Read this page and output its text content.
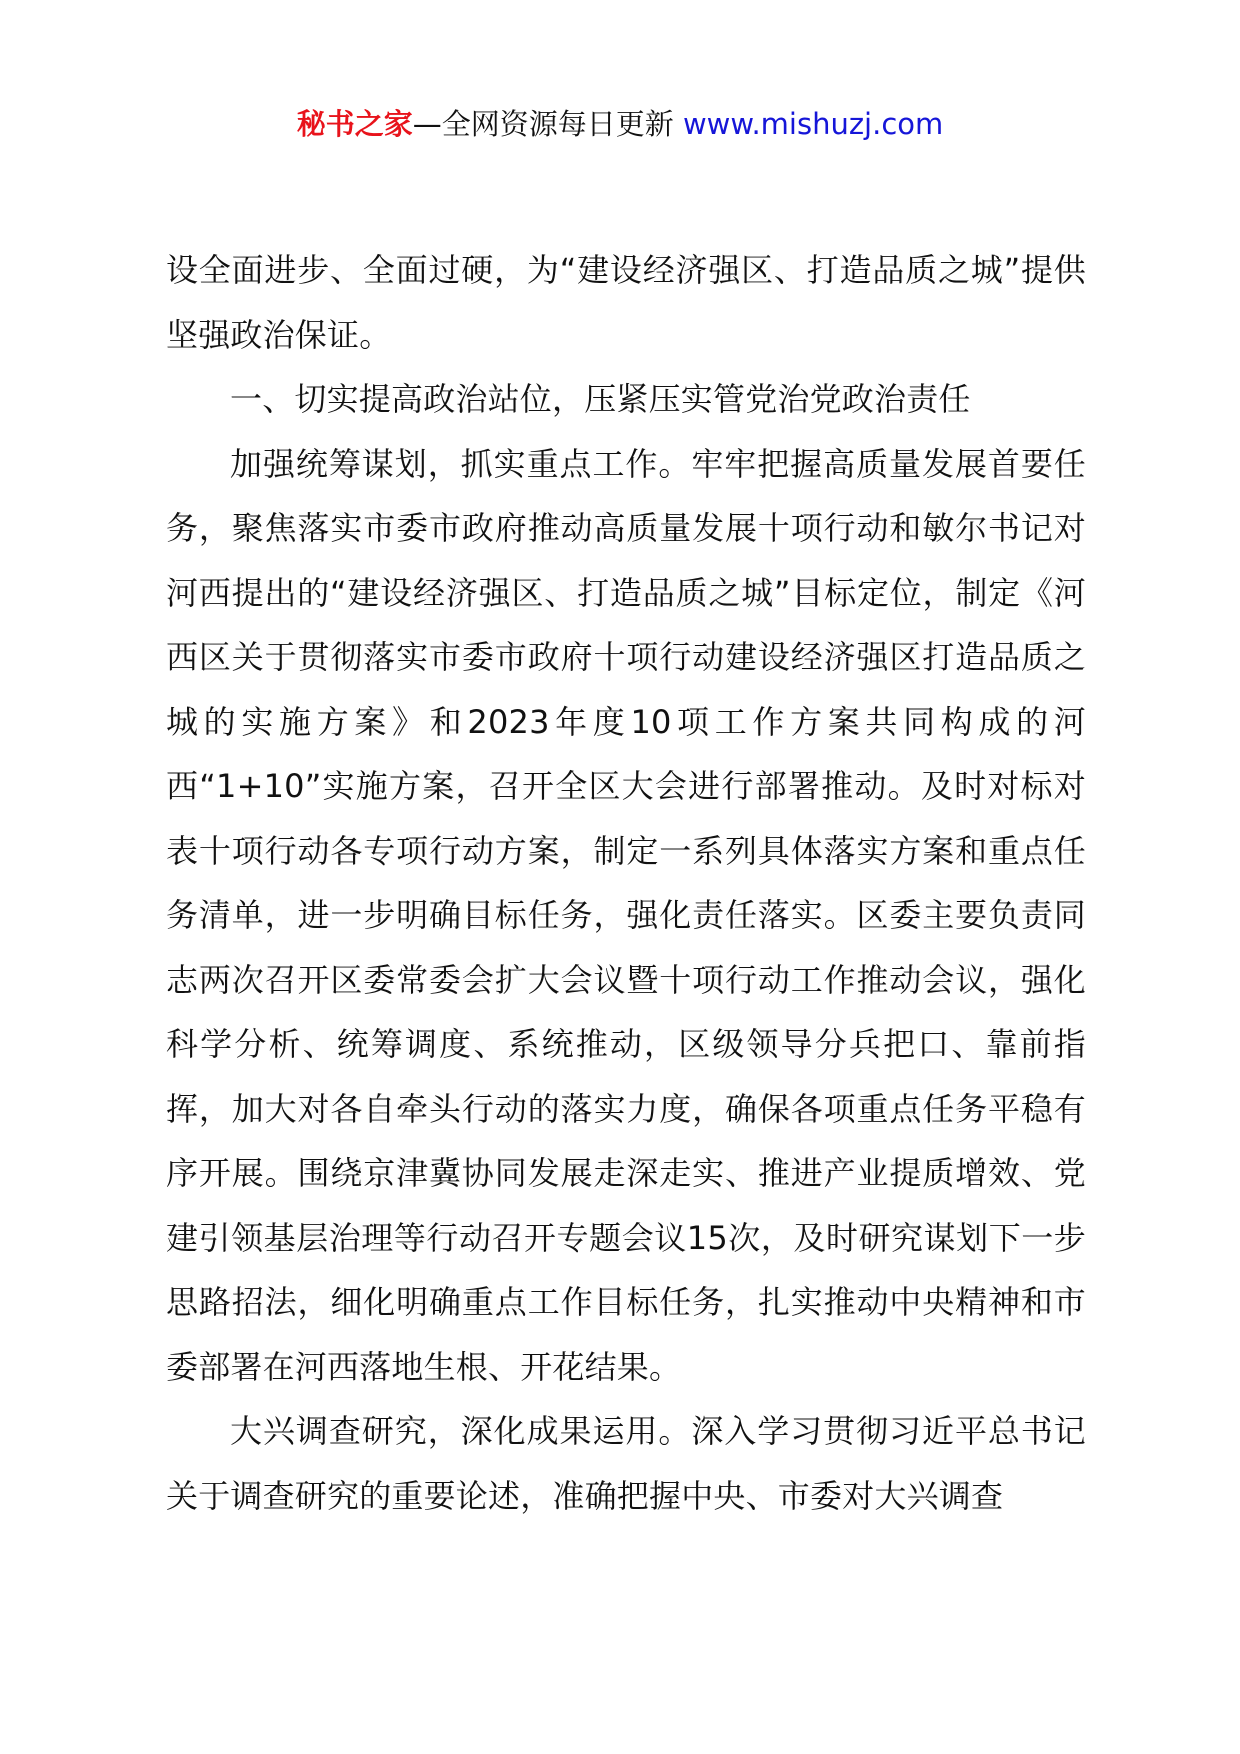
秘书之家—全网资源每日更新 www.mishuzj.com

设全面进步、全面过硬，为“建设经济强区、打造品质之城”提供坚强政治保证。

一、切实提高政治站位，压紧压实管党治党政治责任

加强统筹谋划，抓实重点工作。牢牢把握高质量发展首要任务，聚焦落实市委市政府推动高质量发展十项行动和敏尔书记对河西提出的“建设经济强区、打造品质之城”目标定位，制定《河西区关于贯彻落实市委市政府十项行动建设经济强区打造品质之城的实施方案》和2023年度10项工作方案共同构成的河西“1+10”实施方案，召开全区大会进行部署推动。及时对标对表十项行动各专项行动方案，制定一系列具体落实方案和重点任务清单，进一步明确目标任务，强化责任落实。区委主要负责同志两次召开区委常委会扩大会议暨十项行动工作推动会议，强化科学分析、统筹调度、系统推动，区级领导分兵把口、靠前指挥，加大对各自牵头行动的落实力度，确保各项重点任务平稳有序开展。围绕京津冀协同发展走深走实、推进产业提质增效、党建引领基层治理等行动召开专题会议15次，及时研究谋划下一步思路招法，细化明确重点工作目标任务，扎实推动中央精神和市委部署在河西落地生根、开花结果。

大兴调查研究，深化成果运用。深入学习贯彻习近平总书记关于调查研究的重要论述，准确把握中央、市委对大兴调查
